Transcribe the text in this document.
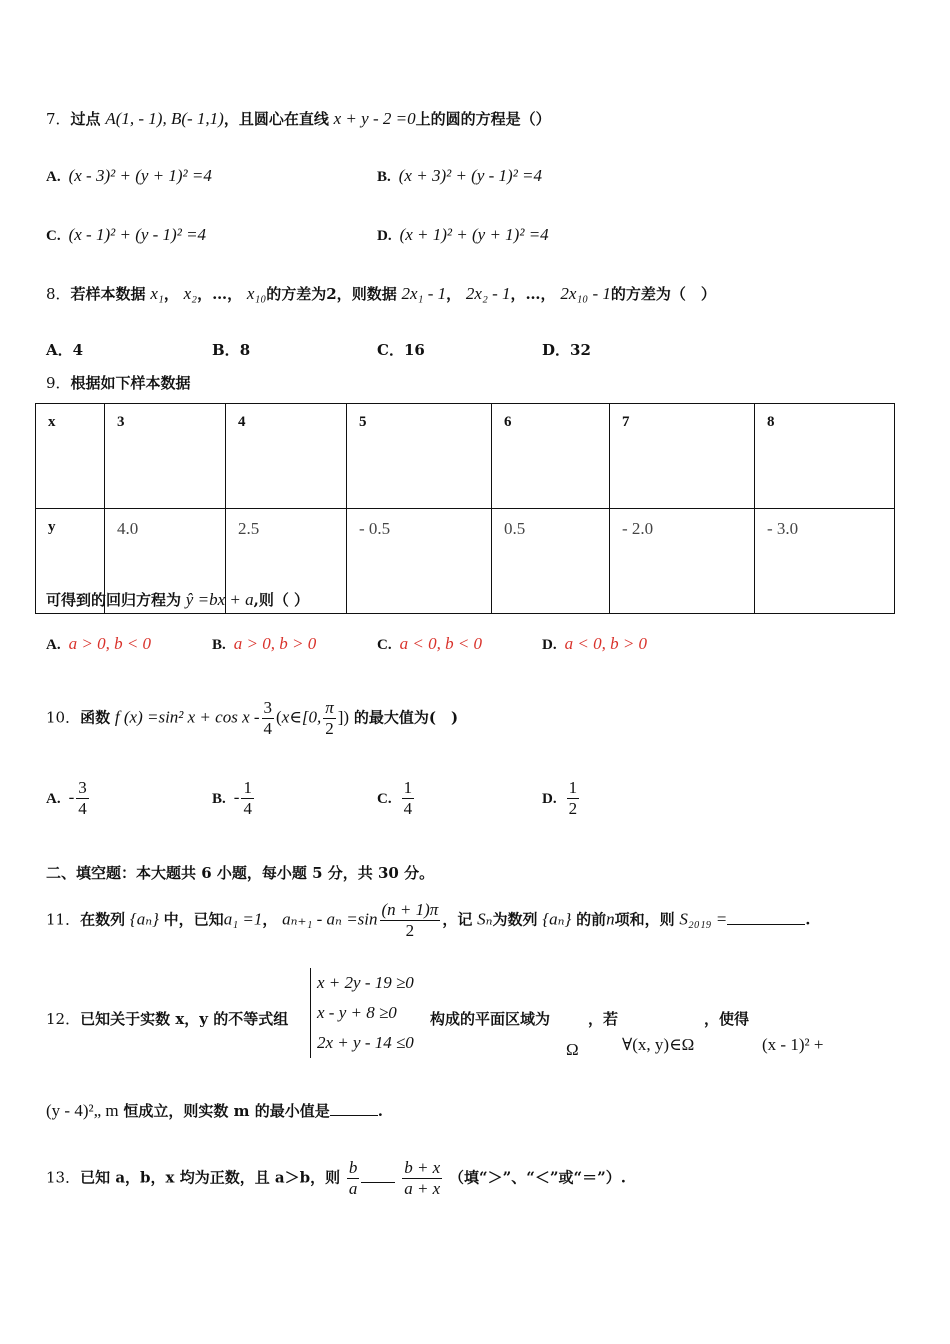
7．过点 A(1, - 1), B(- 1,1)，且圆心在直线 x + y - 2 =0上的圆的方程是（）
A. (x - 3)² + (y + 1)² =4	B. (x + 3)² + (y - 1)² =4
C. (x - 1)² + (y - 1)² =4	D. (x + 1)² + (y + 1)² =4
8．若样本数据 x₁， x₂，…， x₁₀的方差为2，则数据 2x₁ - 1， 2x₂ - 1，…， 2x₁₀ - 1的方差为（　）
A．4	B．8	C．16	D．32
9．根据如下样本数据
x	3	4	5	6	7	8
y	4.0	2.5	- 0.5	0.5	- 2.0	- 3.0
可得到的回归方程为 ŷ =bx + a,则（ ）
A. a > 0, b < 0	B. a > 0, b > 0	C. a < 0, b < 0	D. a < 0, b > 0
10．函数 f (x) =sin² $x + \cos x - \frac{3}{4}$ (x∈[0, $\frac{\pi}{2}$ ]) 的最大值为(　)
A. - $\frac{3}{4}$	B. - $\frac{1}{4}$	C. $\frac{1}{4}$	D. $\frac{1}{2}$
二、填空题：本大题共 6 小题，每小题 5 分，共 30 分。
11．在数列 {aₙ} 中，已知a₁ =1， $a_{n+1} - a_n =\sin \frac{(n + 1)\pi}{2}$ ，记 Sₙ为数列 {aₙ} 的前n项和，则 S₂₀₁₉ =	.
12．已知关于实数 x，y 的不等式组
x + 2y - 19 ≥0
x - y + 8 ≥0
2x + y - 14 ≤0
构成的平面区域为	，若	，使得
Ω	∀(x, y)∈Ω	(x - 1)² +
(y - 4)²„ m 恒成立，则实数 m 的最小值是	.
13．已知 a，b，x 均为正数，且 a＞b，则 $\frac{b}{a}$
	$\frac{b + x}{a + x}$ （填“＞”、“＜”或“＝”）.
